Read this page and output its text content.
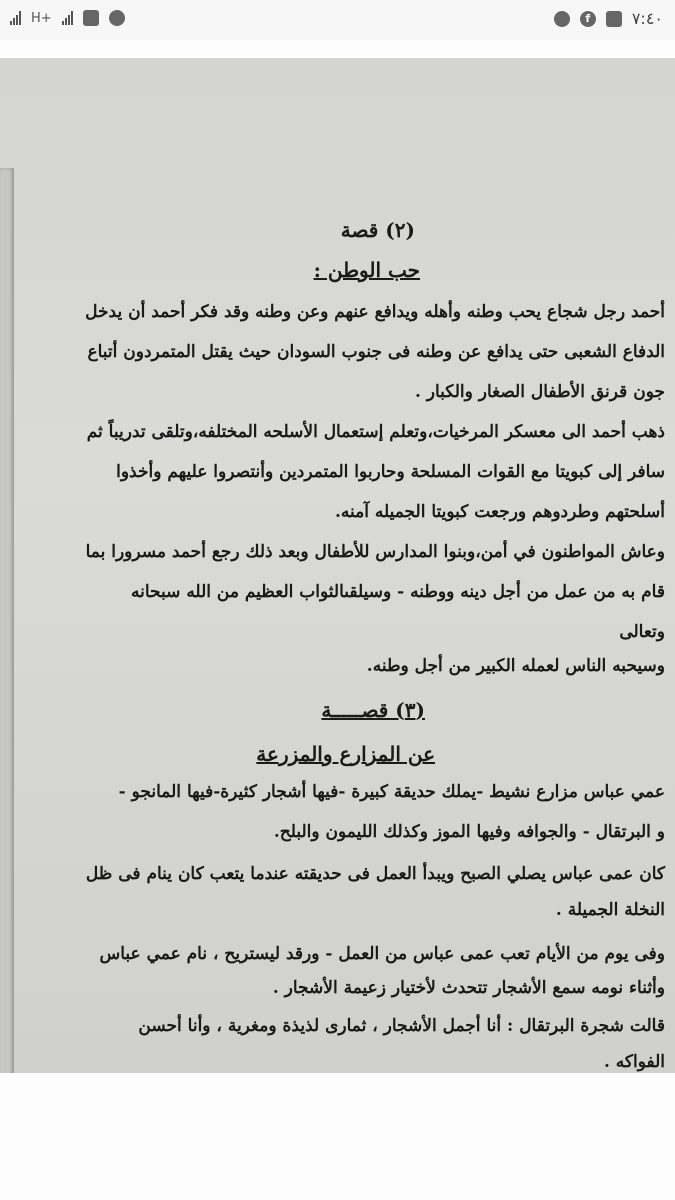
H+	f	٧:٤٠
(٢) قصة
حب الوطن :
أحمد رجل شجاع يحب وطنه وأهله ويدافع عنهم وعن وطنه وقد فكر أحمد أن يدخل
الدفاع الشعبى حتى يدافع عن وطنه فى جنوب السودان حيث يقتل المتمردون أتباع
جون قرنق الأطفال الصغار والكبار .
ذهب أحمد الى معسكر المرخيات،وتعلم إستعمال الأسلحه المختلفه،وتلقى تدريباً ثم
سافر إلى كبويتا مع القوات المسلحة وحاربوا المتمردين وأنتصروا عليهم وأخذوا
أسلحتهم وطردوهم ورجعت كبويتا الجميله آمنه.
وعاش المواطنون في أمن،وبنوا المدارس للأطفال وبعد ذلك رجع أحمد مسرورا بما
قام به من عمل من أجل دينه ووطنه - وسيلقىالثواب العظيم من الله سبحانه
وتعالى
وسيحبه الناس لعمله الكبير من أجل وطنه.
(٣) قصـــــة
عن المزارع والمزرعة
عمي عباس مزارع نشيط -يملك حديقة كبيرة -فيها أشجار كثيرة-فيها المانجو -
و البرتقال - والجوافه وفيها الموز وكذلك الليمون والبلح.
كان عمى عباس يصلي الصبح ويبدأ العمل فى حديقته عندما يتعب كان ينام فى ظل
النخلة الجميلة .
وفى يوم من الأيام تعب عمى عباس من العمل - ورقد ليستريح ، نام عمي عباس
وأثناء نومه سمع الأشجار تتحدث لأختيار زعيمة الأشجار .
قالت شجرة البرتقال : أنا أجمل الأشجار ، ثمارى لذيذة ومغرية ، وأنا أحسن
الفواكه .
